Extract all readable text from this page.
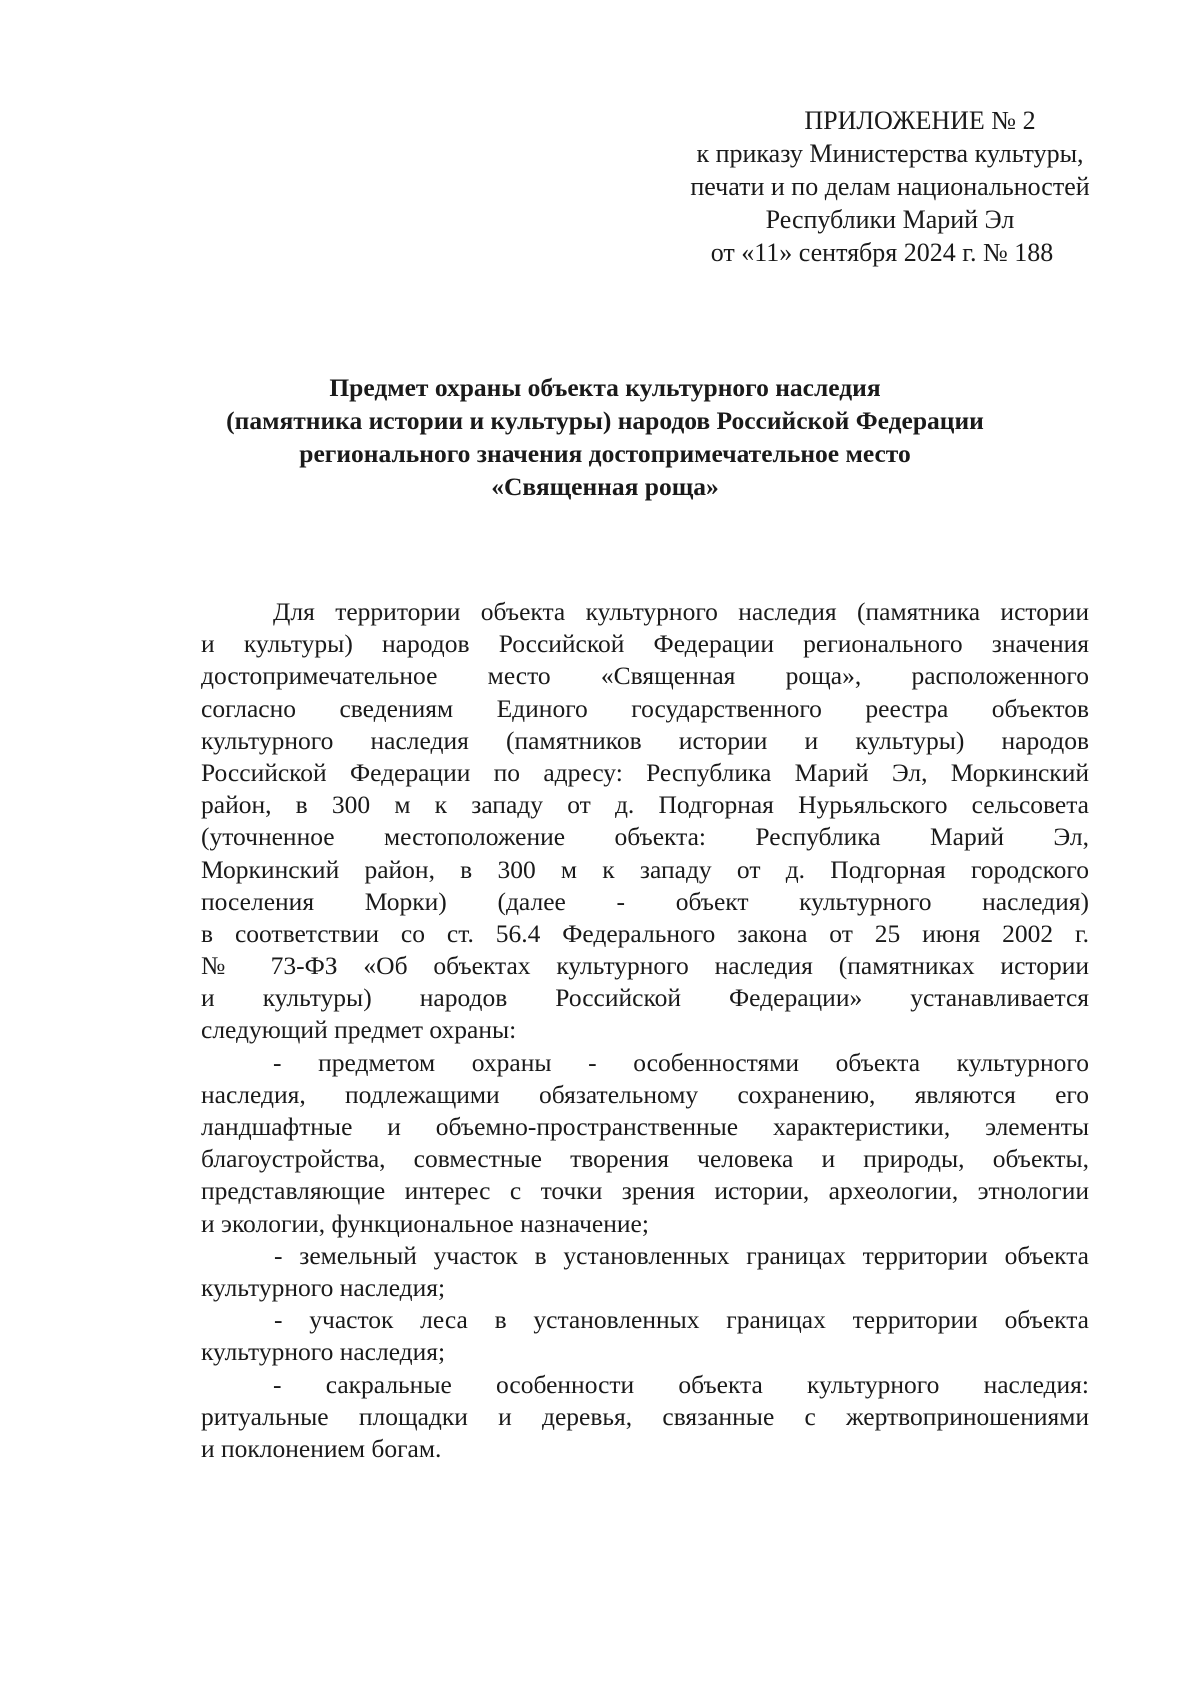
ПРИЛОЖЕНИЕ № 2
к приказу Министерства культуры,
печати и по делам национальностей
Республики Марий Эл
от «11» сентября 2024 г. № 188
Предмет охраны объекта культурного наследия
(памятника истории и культуры) народов Российской Федерации
регионального значения достопримечательное место
«Священная роща»
Для территории объекта культурного наследия (памятника истории
и культуры) народов Российской Федерации регионального значения
достопримечательное место «Священная роща», расположенного
согласно сведениям Единого государственного реестра объектов
культурного наследия (памятников истории и культуры) народов
Российской Федерации по адресу: Республика Марий Эл, Моркинский
район, в 300 м к западу от д. Подгорная Нурьяльского сельсовета
(уточненное местоположение объекта: Республика Марий Эл,
Моркинский район, в 300 м к западу от д. Подгорная городского
поселения Морки) (далее - объект культурного наследия)
в соответствии со ст. 56.4 Федерального закона от 25 июня 2002 г.
№ 73-ФЗ «Об объектах культурного наследия (памятниках истории
и культуры) народов Российской Федерации» устанавливается
следующий предмет охраны:
- предметом охраны - особенностями объекта культурного
наследия, подлежащими обязательному сохранению, являются его
ландшафтные и объемно-пространственные характеристики, элементы
благоустройства, совместные творения человека и природы, объекты,
представляющие интерес с точки зрения истории, археологии, этнологии
и экологии, функциональное назначение;
- земельный участок в установленных границах территории объекта
культурного наследия;
- участок леса в установленных границах территории объекта
культурного наследия;
- сакральные особенности объекта культурного наследия:
ритуальные площадки и деревья, связанные с жертвоприношениями
и поклонением богам.
